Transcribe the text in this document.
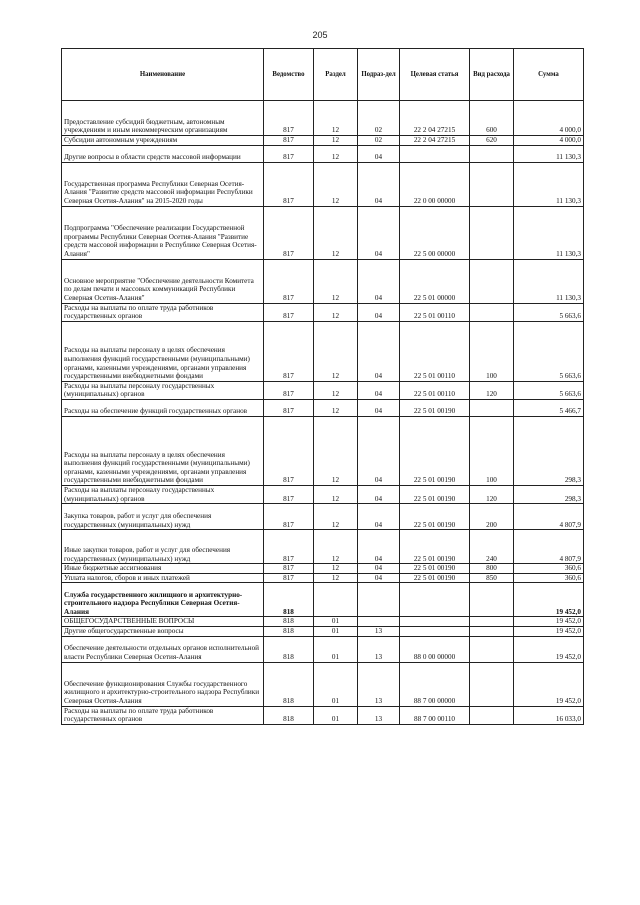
205
Наименование	Ведомство	Раздел	Подраз-дел	Целевая статья	Вид расхода	Сумма
Предоставление субсидий бюджетным, автономным учреждениям и иным некоммерческим организациям	817	12	02	22 2 04 27215	600	4 000,0
Субсидии автономным учреждениям	817	12	02	22 2 04 27215	620	4 000,0
Другие вопросы в области средств массовой информации	817	12	04			11 130,3
Государственная программа Республики Северная Осетия-Алания "Развитие средств массовой информации Республики Северная Осетия-Алания" на 2015-2020 годы	817	12	04	22 0 00 00000		11 130,3
Подпрограмма "Обеспечение реализации Государственной программы Республики Северная Осетия-Алания "Развитие средств массовой информации в Республике Северная Осетия-Алания"	817	12	04	22 5 00 00000		11 130,3
Основное мероприятие "Обеспечение деятельности Комитета по делам печати и массовых коммуникаций Республики Северная Осетия-Алания"	817	12	04	22 5 01 00000		11 130,3
Расходы на выплаты по оплате труда работников государственных органов	817	12	04	22 5 01 00110		5 663,6
Расходы на выплаты персоналу в целях обеспечения выполнения функций государственными (муниципальными) органами, казенными учреждениями, органами управления государственными внебюджетными фондами	817	12	04	22 5 01 00110	100	5 663,6
Расходы на выплаты персоналу государственных (муниципальных) органов	817	12	04	22 5 01 00110	120	5 663,6
Расходы на обеспечение функций государственных органов	817	12	04	22 5 01 00190		5 466,7
Расходы на выплаты персоналу в целях обеспечения выполнения функций государственными (муниципальными) органами, казенными учреждениями, органами управления государственными внебюджетными фондами	817	12	04	22 5 01 00190	100	298,3
Расходы на выплаты персоналу государственных (муниципальных) органов	817	12	04	22 5 01 00190	120	298,3
Закупка товаров, работ и услуг для обеспечения государственных (муниципальных) нужд	817	12	04	22 5 01 00190	200	4 807,9
Иные закупки товаров, работ и услуг для обеспечения государственных (муниципальных) нужд	817	12	04	22 5 01 00190	240	4 807,9
Иные бюджетные ассигнования	817	12	04	22 5 01 00190	800	360,6
Уплата налогов, сборов и иных платежей	817	12	04	22 5 01 00190	850	360,6
Служба государственного жилищного и архитектурно-строительного надзора Республики Северная Осетия-Алания	818					19 452,0
ОБЩЕГОСУДАРСТВЕННЫЕ ВОПРОСЫ	818	01				19 452,0
Другие общегосударственные вопросы	818	01	13			19 452,0
Обеспечение деятельности отдельных органов исполнительной власти Республики Северная Осетия-Алания	818	01	13	88 0 00 00000		19 452,0
Обеспечение функционирования Службы государственного жилищного и архитектурно-строительного надзора Республики Северная Осетия-Алания	818	01	13	88 7 00 00000		19 452,0
Расходы на выплаты по оплате труда работников государственных органов	818	01	13	88 7 00 00110		16 033,0
